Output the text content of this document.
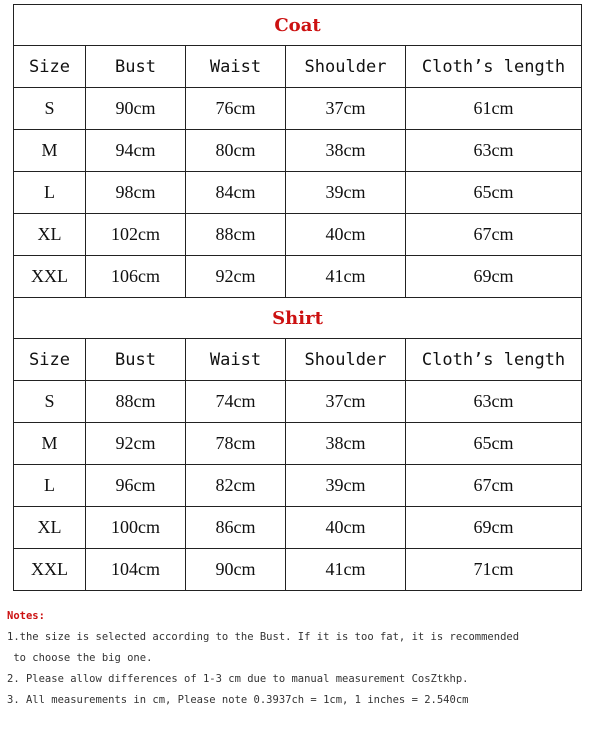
Coat				
Size	Bust	Waist	Shoulder	Cloth’s length
S	90cm	76cm	37cm	61cm
M	94cm	80cm	38cm	63cm
L	98cm	84cm	39cm	65cm
XL	102cm	88cm	40cm	67cm
XXL	106cm	92cm	41cm	69cm
Shirt				
Size	Bust	Waist	Shoulder	Cloth’s length
S	88cm	74cm	37cm	63cm
M	92cm	78cm	38cm	65cm
L	96cm	82cm	39cm	67cm
XL	100cm	86cm	40cm	69cm
XXL	104cm	90cm	41cm	71cm
Notes:
1.the size is selected according to the Bust. If it is too fat, it is recommended
to choose the big one.
2. Please allow differences of 1-3 cm due to manual measurement CosZtkhp.
3. All measurements in cm, Please note 0.3937ch = 1cm, 1 inches = 2.540cm
